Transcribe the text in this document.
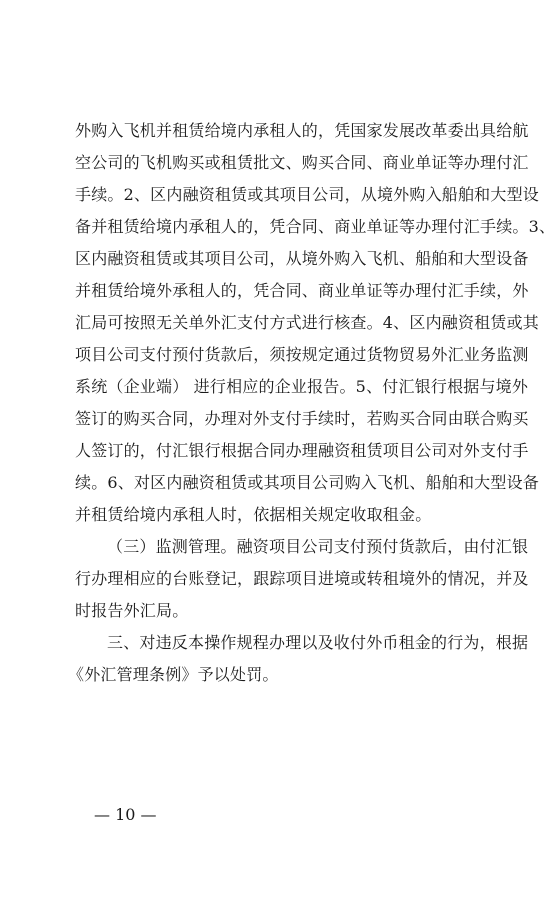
外购入飞机并租赁给境内承租人的，凭国家发展改革委出具给航
空公司的飞机购买或租赁批文、购买合同、商业单证等办理付汇
手续。2、区内融资租赁或其项目公司，从境外购入船舶和大型设
备并租赁给境内承租人的，凭合同、商业单证等办理付汇手续。3、
区内融资租赁或其项目公司，从境外购入飞机、船舶和大型设备
并租赁给境外承租人的，凭合同、商业单证等办理付汇手续，外
汇局可按照无关单外汇支付方式进行核查。4、区内融资租赁或其
项目公司支付预付货款后，须按规定通过货物贸易外汇业务监测
系统（企业端） 进行相应的企业报告。5、付汇银行根据与境外
签订的购买合同，办理对外支付手续时，若购买合同由联合购买
人签订的，付汇银行根据合同办理融资租赁项目公司对外支付手
续。6、对区内融资租赁或其项目公司购入飞机、船舶和大型设备
并租赁给境内承租人时，依据相关规定收取租金。
（三）监测管理。融资项目公司支付预付货款后，由付汇银
行办理相应的台账登记，跟踪项目进境或转租境外的情况，并及
时报告外汇局。
三、对违反本操作规程办理以及收付外币租金的行为，根据
《外汇管理条例》予以处罚。
— 10 —
